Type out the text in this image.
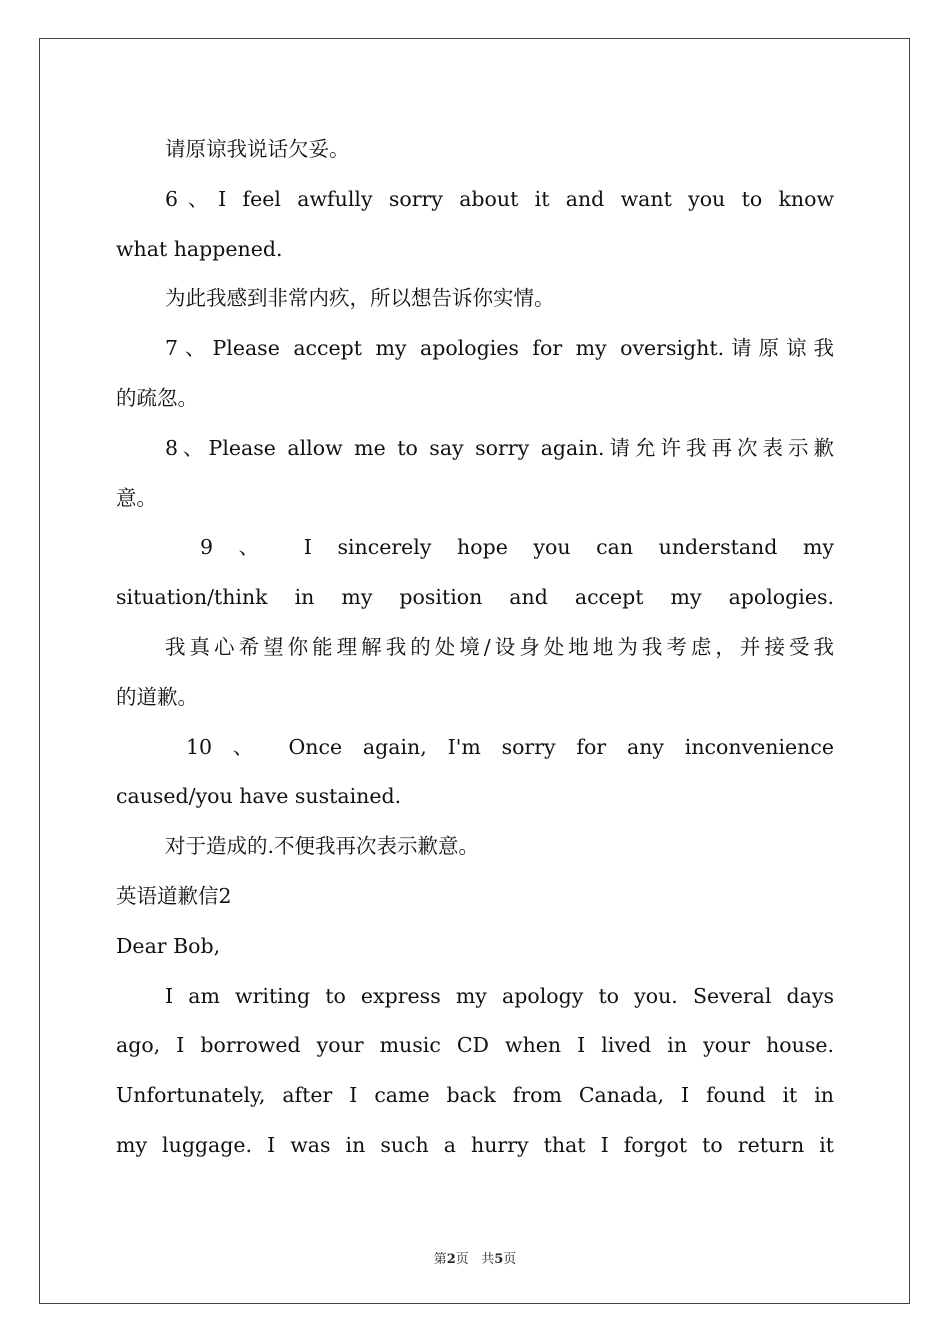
请原谅我说话欠妥。
6、I feel awfully sorry about it and want you to know
what happened.
为此我感到非常内疚，所以想告诉你实情。
7、Please accept my apologies for my oversight.请原谅我
的疏忽。
8、Please allow me to say sorry again.请允许我再次表示歉
意。
9 、 I sincerely hope you can understand my
situation/think in my position and accept my apologies.
我真心希望你能理解我的处境/设身处地地为我考虑，并接受我
的道歉。
10 、 Once again, I'm sorry for any inconvenience
caused/you have sustained.
对于造成的.不便我再次表示歉意。
英语道歉信2
Dear Bob,
I am writing to express my apology to you. Several days
ago, I borrowed your music CD when I lived in your house.
Unfortunately, after I came back from Canada, I found it in
my luggage. I was in such a hurry that I forgot to return it
第2页 共5页
